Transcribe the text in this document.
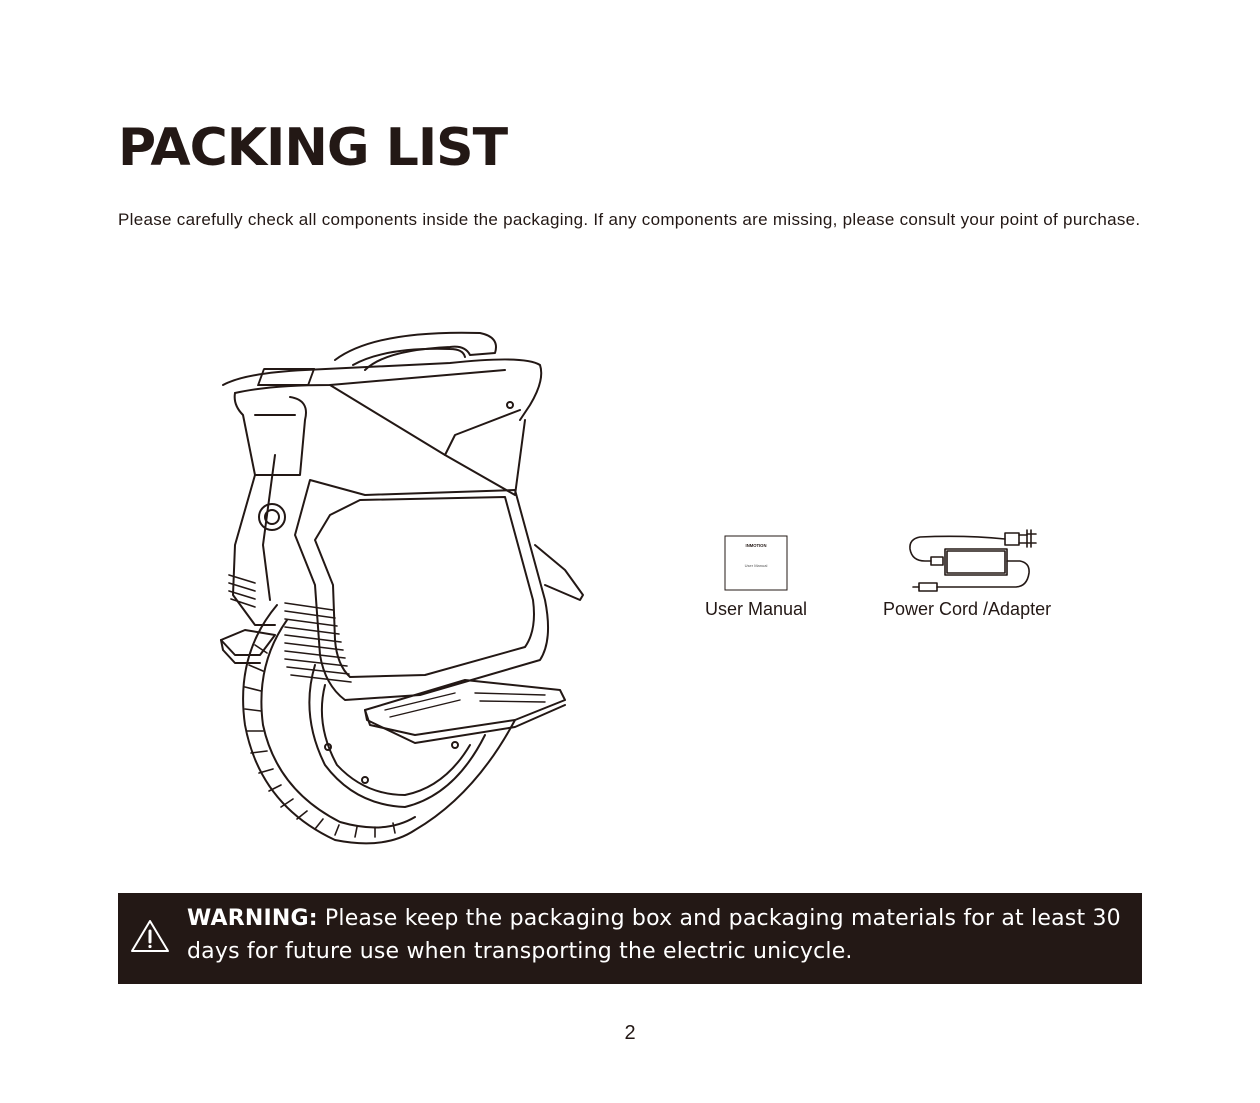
PACKING LIST

Please carefully check all components inside the packaging. If any components are missing, please consult your point of purchase.

INMOTION
User Manual
User Manual	Power Cord /Adapter

WARNING: Please keep the packaging box and packaging materials for at least 30 days for future use when transporting the electric unicycle.

2
